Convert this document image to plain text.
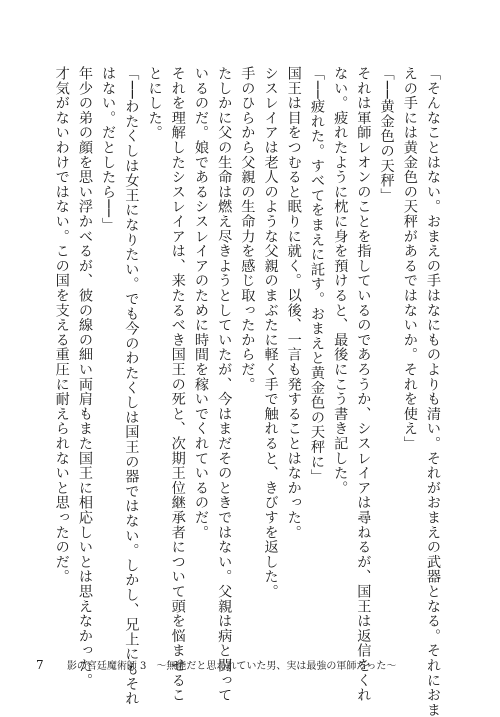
「そんなことはない。おまえの手はなにものよりも清い。それがおまえの武器となる。それにおま
えの手には黄金色の天秤があるではないか。それを使え」
「──黄金色の天秤」
それは軍師レオンのことを指しているのであろうか、シスレイアは尋ねるが、国王は返信をくれ
ない。疲れたように枕に身を預けると、最後にこう書き記した。
「──疲れた。すべてをまえに託す。おまえと黄金色の天秤に」
国王は目をつむると眠りに就く。以後、一言も発することはなかった。
シスレイアは老人のような父親のまぶたに軽く手で触れると、きびすを返した。
手のひらから父親の生命力を感じ取ったからだ。
たしかに父の生命は燃え尽きようとしていたが、今はまだそのときではない。父親は病と闘って
いるのだ。娘であるシスレイアのために時間を稼いでくれているのだ。
それを理解したシスレイアは、来たるべき国王の死と、次期王位継承者について頭を悩ませるこ
とにした。
「──わたくしは女王になりたい。でも今のわたくしは国王の器ではない。しかし、兄上にもそれ
はない。だとしたら──」
年少の弟の顔を思い浮かべるが、彼の線の細い両肩もまた国王に相応しいとは思えなかった。
才気がないわけではない。この国を支える重圧に耐えられないと思ったのだ。
7 影の宮廷魔術師 3　～無能だと思われていた男、実は最強の軍師だった～
